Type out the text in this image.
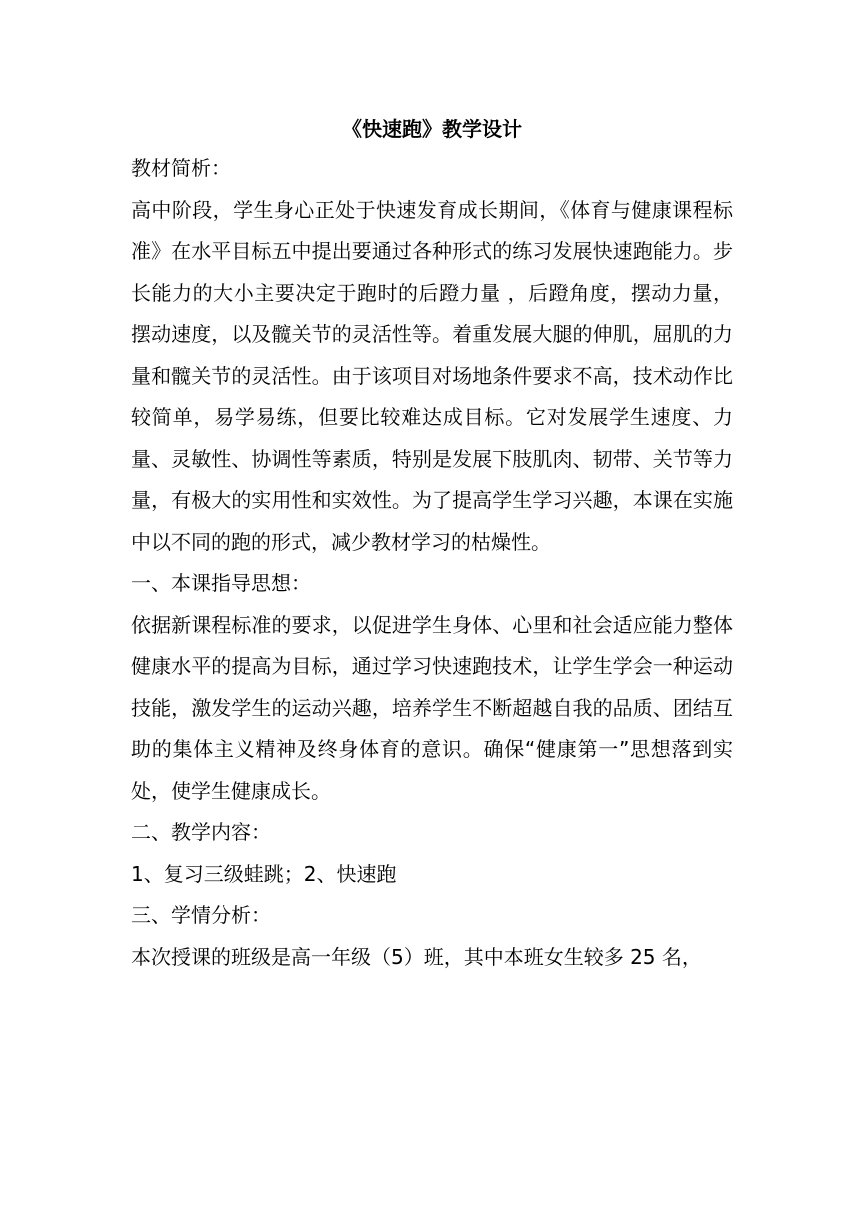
《快速跑》教学设计

教材简析：

高中阶段，学生身心正处于快速发育成长期间，《体育与健康课程标准》在水平目标五中提出要通过各种形式的练习发展快速跑能力。步长能力的大小主要决定于跑时的后蹬力量 ，后蹬角度，摆动力量，摆动速度，以及髋关节的灵活性等。着重发展大腿的伸肌，屈肌的力量和髋关节的灵活性。由于该项目对场地条件要求不高，技术动作比较简单，易学易练，但要比较难达成目标。它对发展学生速度、力量、灵敏性、协调性等素质，特别是发展下肢肌肉、韧带、关节等力量，有极大的实用性和实效性。为了提高学生学习兴趣，本课在实施中以不同的跑的形式，减少教材学习的枯燥性。

一、本课指导思想：

依据新课程标准的要求，以促进学生身体、心里和社会适应能力整体健康水平的提高为目标，通过学习快速跑技术，让学生学会一种运动技能，激发学生的运动兴趣，培养学生不断超越自我的品质、团结互助的集体主义精神及终身体育的意识。确保“健康第一”思想落到实处，使学生健康成长。

二、教学内容：

1、复习三级蛙跳；2、快速跑

三、学情分析：

本次授课的班级是高一年级（5）班，其中本班女生较多 25 名，
